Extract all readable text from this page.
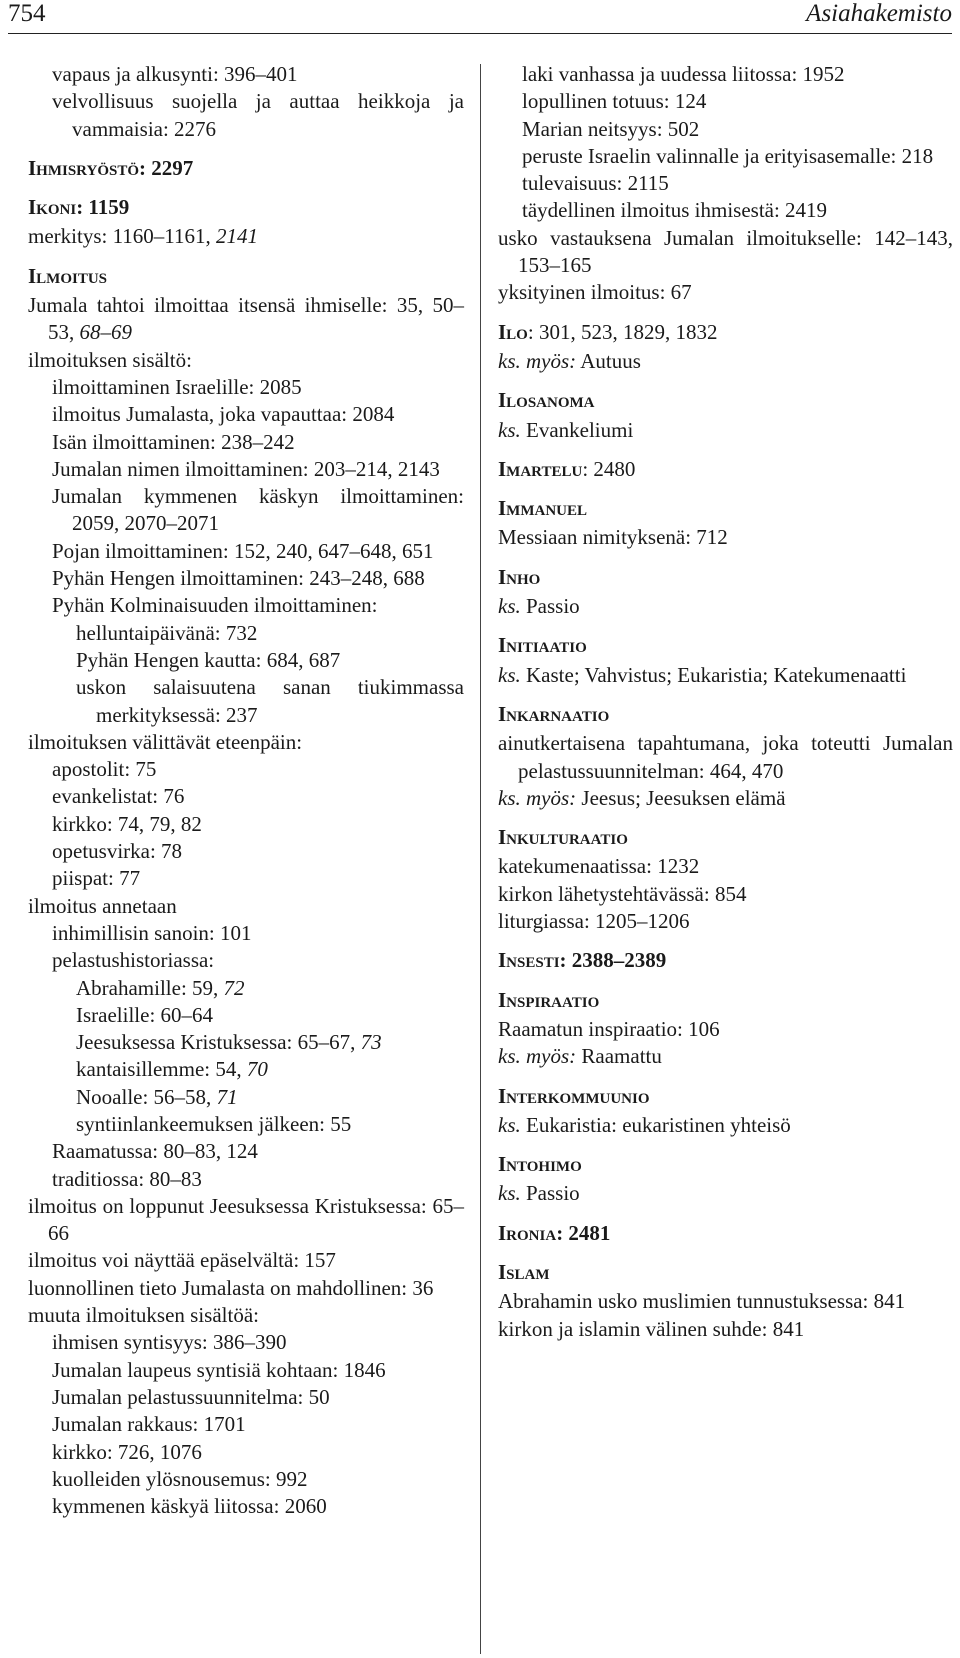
754	Asiahakemisto

vapaus ja alkusynti: 396–401

velvollisuus suojella ja auttaa heikkoja ja vammaisia: 2276

Ihmisryöstö: 2297

Ikoni: 1159

merkitys: 1160–1161, 2141

Ilmoitus

Jumala tahtoi ilmoittaa itsensä ihmiselle: 35, 50–53, 68–69

ilmoituksen sisältö:

ilmoittaminen Israelille: 2085

ilmoitus Jumalasta, joka vapauttaa: 2084

Isän ilmoittaminen: 238–242

Jumalan nimen ilmoittaminen: 203–214, 2143

Jumalan kymmenen käskyn ilmoittaminen: 2059, 2070–2071

Pojan ilmoittaminen: 152, 240, 647–648, 651

Pyhän Hengen ilmoittaminen: 243–248, 688

Pyhän Kolminaisuuden ilmoittaminen:

helluntaipäivänä: 732

Pyhän Hengen kautta: 684, 687

uskon salaisuutena sanan tiukimmassa merkityksessä: 237

ilmoituksen välittävät eteenpäin:

apostolit: 75

evankelistat: 76

kirkko: 74, 79, 82

opetusvirka: 78

piispat: 77

ilmoitus annetaan

inhimillisin sanoin: 101

pelastushistoriassa:

Abrahamille: 59, 72

Israelille: 60–64

Jeesuksessa Kristuksessa: 65–67, 73

kantaisillemme: 54, 70

Nooalle: 56–58, 71

syntiinlankeemuksen jälkeen: 55

Raamatussa: 80–83, 124

traditiossa: 80–83

ilmoitus on loppunut Jeesuksessa Kristuksessa: 65–66

ilmoitus voi näyttää epäselvältä: 157

luonnollinen tieto Jumalasta on mahdollinen: 36

muuta ilmoituksen sisältöä:

ihmisen syntisyys: 386–390

Jumalan laupeus syntisiä kohtaan: 1846

Jumalan pelastussuunnitelma: 50

Jumalan rakkaus: 1701

kirkko: 726, 1076

kuolleiden ylösnousemus: 992

kymmenen käskyä liitossa: 2060

laki vanhassa ja uudessa liitossa: 1952

lopullinen totuus: 124

Marian neitsyys: 502

peruste Israelin valinnalle ja erityisasemalle: 218

tulevaisuus: 2115

täydellinen ilmoitus ihmisestä: 2419

usko vastauksena Jumalan ilmoitukselle: 142–143, 153–165

yksityinen ilmoitus: 67

Ilo: 301, 523, 1829, 1832

ks. myös: Autuus

Ilosanoma

ks. Evankeliumi

Imartelu: 2480

Immanuel

Messiaan nimityksenä: 712

Inho

ks. Passio

Initiaatio

ks. Kaste; Vahvistus; Eukaristia; Katekumenaatti

Inkarnaatio

ainutkertaisena tapahtumana, joka toteutti Jumalan pelastussuunnitelman: 464, 470

ks. myös: Jeesus; Jeesuksen elämä

Inkulturaatio

katekumenaatissa: 1232

kirkon lähetystehtävässä: 854

liturgiassa: 1205–1206

Insesti: 2388–2389

Inspiraatio

Raamatun inspiraatio: 106

ks. myös: Raamattu

Interkommuunio

ks. Eukaristia: eukaristinen yhteisö

Intohimo

ks. Passio

Ironia: 2481

Islam

Abrahamin usko muslimien tunnustuksessa: 841

kirkon ja islamin välinen suhde: 841
